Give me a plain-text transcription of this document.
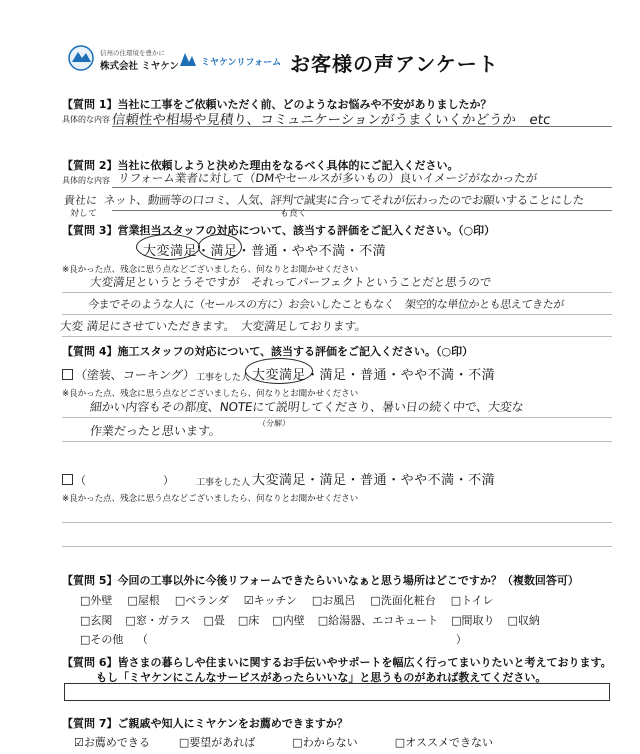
信州の住環境を豊かに
株式会社 ミヤケン ミヤケンリフォーム お客様の声アンケート
【質問 1】当社に工事をご依頼いただく前、どのようなお悩みや不安がありましたか？
具体的な内容 信頼性や相場や見積り、コミュニケーションがうまくいくかどうか　etc
【質問 2】当社に依頼しようと決めた理由をなるべく具体的にご記入ください。
具体的な内容 リフォーム業者に対して（DMやセールスが多いもの）良いイメージがなかったが
貴社に
対して
ネット、動画等の口コミ、人気、評判で誠実に合ってそれが伝わったのでお願いすることにした
も良く
【質問 3】営業担当スタッフの対応について、該当する評価をご記入ください。（○印）
大変満足・満足・普通・やや不満・不満
※良かった点、残念に思う点などございましたら、何なりとお聞かせください
大変満足というとうそですが　それってパーフェクトということだと思うので
今までそのような人に（セールスの方に）お会いしたこともなく　架空的な単位かとも思えてきたが
大変 満足にさせていただきます。　大変満足しております。
【質問 4】施工スタッフの対応について、該当する評価をご記入ください。（○印）
（塗装、コーキング） 工事をした人 大変満足・満足・普通・やや不満・不満
※良かった点、残念に思う点などございましたら、何なりとお聞かせください
細かい内容もその都度、NOTEにて説明してくださり、暑い日の続く中で、大変な
作業だったと思います。
（分解）
（　　　　　　　） 工事をした人 大変満足・満足・普通・やや不満・不満
※良かった点、残念に思う点などございましたら、何なりとお聞かせください
【質問 5】今回の工事以外に今後リフォームできたらいいなぁと思う場所はどこですか？（複数回答可）
□外壁 □屋根 □ベランダ ☑キッチン □お風呂 □洗面化粧台 □トイレ
□玄関 □窓・ガラス □畳 □床 □内壁 □給湯器、エコキュート □間取り □収納
□その他 （　　　　　　　　　　　　　　　　　　　　　　　　　　　　）
【質問 6】皆さまの暮らしや住まいに関するお手伝いやサポートを幅広く行ってまいりたいと考えております。
もし「ミヤケンにこんなサービスがあったらいいな」と思うものがあれば教えてください。
【質問 7】ご親戚や知人にミヤケンをお薦めできますか？
☑お薦めできる	□要望があれば	□わからない	□オススメできない
